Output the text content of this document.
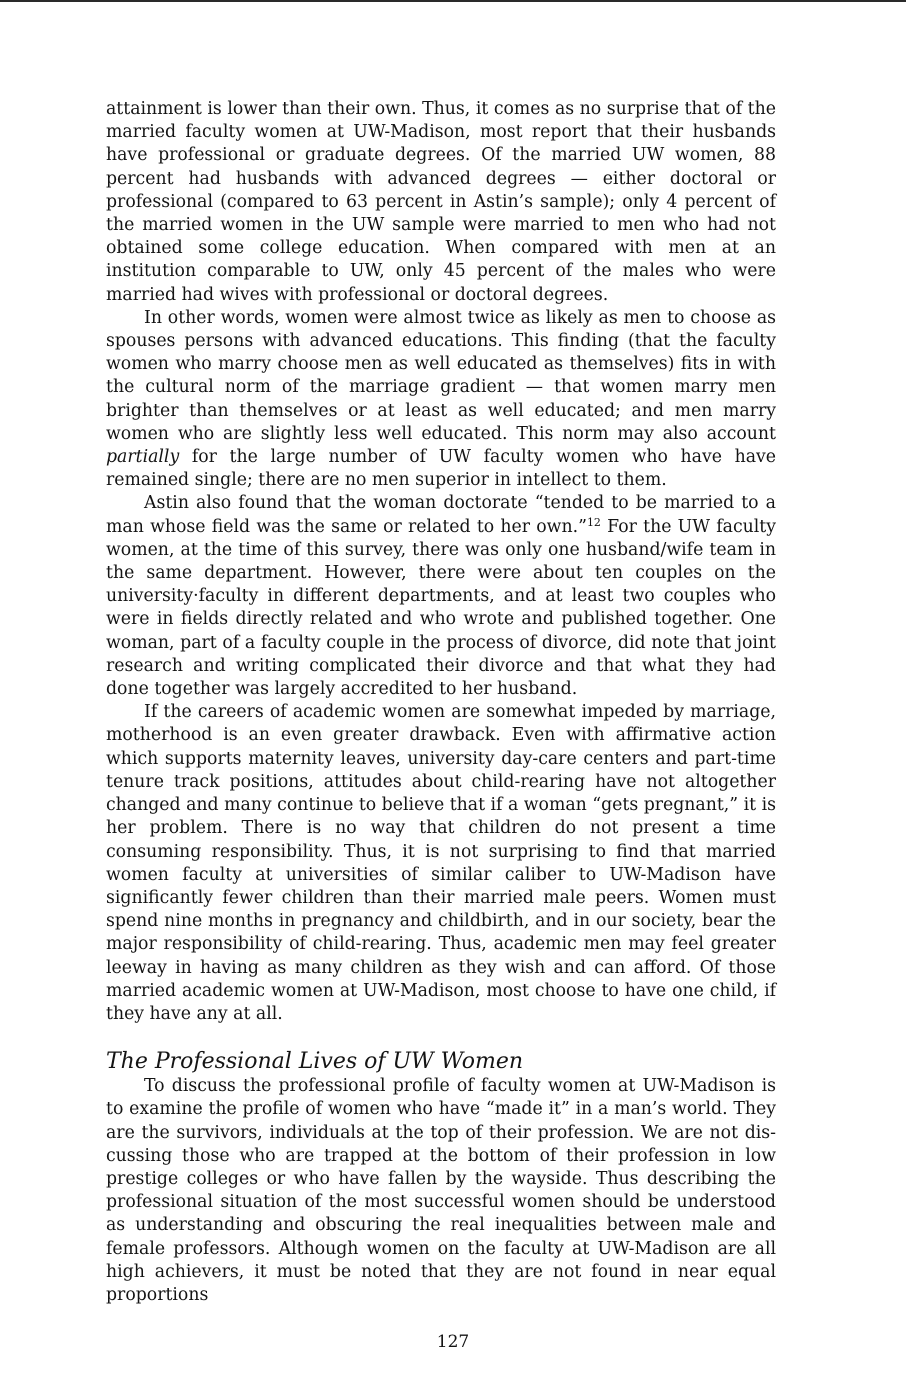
attainment is lower than their own. Thus, it comes as no surprise that of the married faculty women at UW-Madison, most report that their husbands have professional or graduate degrees. Of the married UW women, 88 percent had husbands with advanced degrees — either doctoral or professional (compared to 63 percent in Astin’s sample); only 4 percent of the married women in the UW sample were married to men who had not obtained some college education. When compared with men at an institution comparable to UW, only 45 percent of the males who were married had wives with professional or doctoral degrees.

In other words, women were almost twice as likely as men to choose as spouses persons with advanced educations. This finding (that the faculty women who marry choose men as well educated as themselves) fits in with the cultural norm of the marriage gradient — that women marry men brighter than themselves or at least as well educated; and men marry women who are slightly less well educated. This norm may also account partially for the large number of UW faculty women who have have remained single; there are no men superior in intellect to them.

Astin also found that the woman doctorate “tended to be married to a man whose field was the same or related to her own.”$^{12}$ For the UW faculty women, at the time of this survey, there was only one husband/wife team in the same department. However, there were about ten couples on the university·faculty in different departments, and at least two couples who were in fields directly related and who wrote and published together. One woman, part of a faculty couple in the process of divorce, did note that joint research and writing complicated their divorce and that what they had done together was largely accredited to her husband.

If the careers of academic women are somewhat impeded by marriage, motherhood is an even greater drawback. Even with affirmative action which supports maternity leaves, university day-care centers and part-time tenure track positions, attitudes about child-rearing have not altogether changed and many continue to believe that if a woman “gets pregnant,” it is her problem. There is no way that children do not present a time consuming responsibility. Thus, it is not surprising to find that married women faculty at universities of similar caliber to UW-Madison have significantly fewer children than their married male peers. Women must spend nine months in pregnancy and childbirth, and in our society, bear the major responsibility of child-rearing. Thus, academic men may feel greater leeway in having as many children as they wish and can afford. Of those married academic women at UW-Madison, most choose to have one child, if they have any at all.

The Professional Lives of UW Women

To discuss the professional profile of faculty women at UW-Madison is to examine the profile of women who have “made it” in a man’s world. They are the survivors, individuals at the top of their profession. We are not discussing those who are trapped at the bottom of their profession in low prestige colleges or who have fallen by the wayside. Thus describing the professional situation of the most successful women should be understood as understanding and obscuring the real inequalities between male and female professors. Although women on the faculty at UW-Madison are all high achievers, it must be noted that they are not found in near equal proportions

127
